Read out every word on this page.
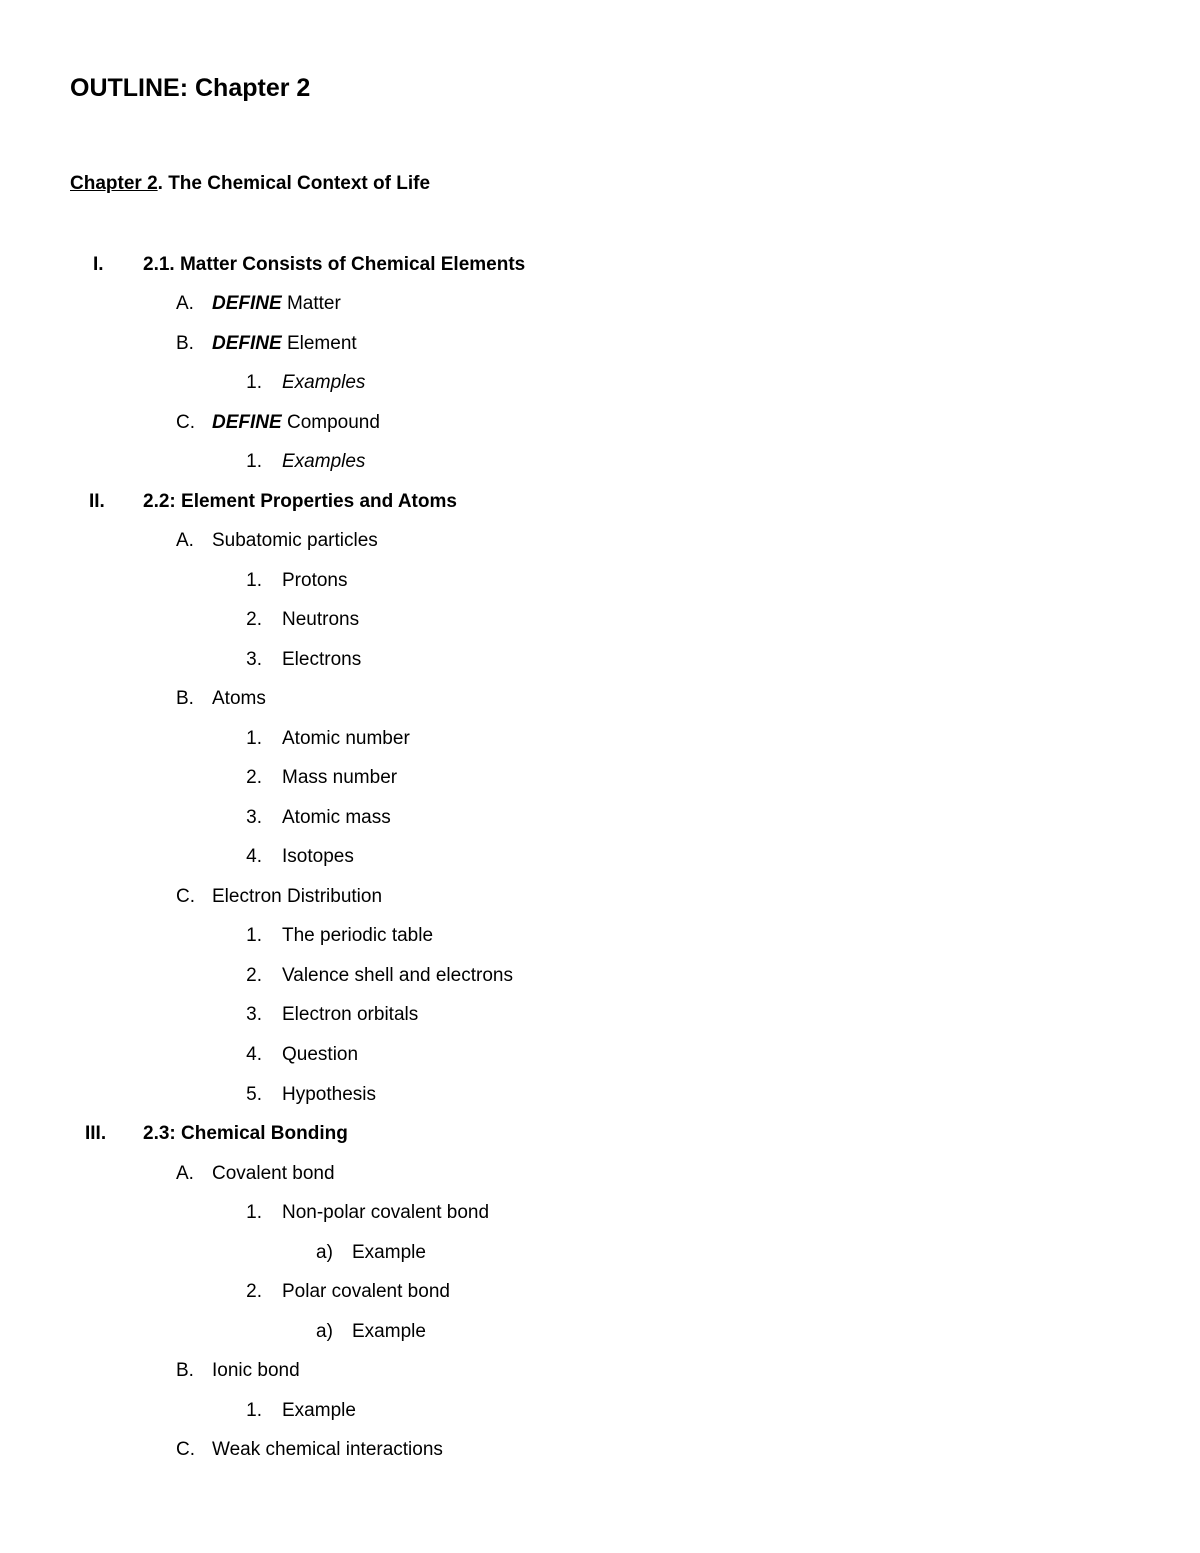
OUTLINE: Chapter 2
Chapter 2. The Chemical Context of Life
I.	2.1. Matter Consists of Chemical Elements
A. DEFINE Matter
B. DEFINE Element
1. Examples
C. DEFINE Compound
1. Examples
II.	2.2: Element Properties and Atoms
A. Subatomic particles
1. Protons
2. Neutrons
3. Electrons
B. Atoms
1. Atomic number
2. Mass number
3. Atomic mass
4. Isotopes
C. Electron Distribution
1. The periodic table
2. Valence shell and electrons
3. Electron orbitals
4. Question
5. Hypothesis
III.	2.3: Chemical Bonding
A. Covalent bond
1. Non-polar covalent bond
a)	Example
2. Polar covalent bond
a)	Example
B. Ionic bond
1. Example
C. Weak chemical interactions
